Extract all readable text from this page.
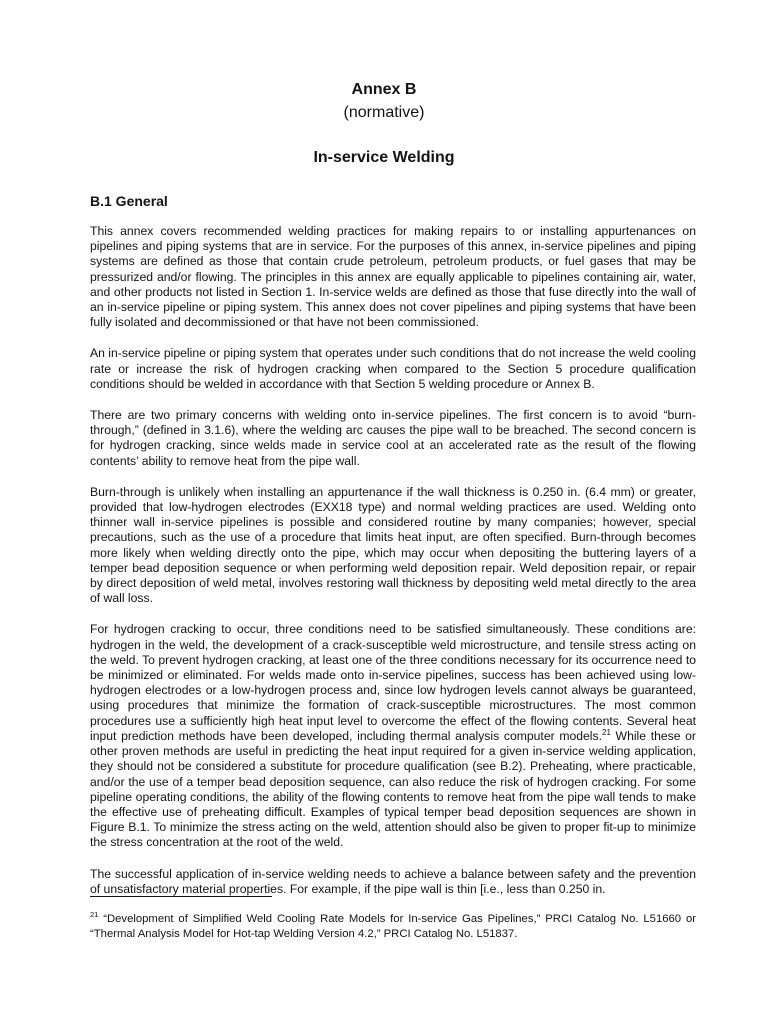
Annex B
(normative)
In-service Welding
B.1 General

This annex covers recommended welding practices for making repairs to or installing appurtenances on pipelines and piping systems that are in service. For the purposes of this annex, in-service pipelines and piping systems are defined as those that contain crude petroleum, petroleum products, or fuel gases that may be pressurized and/or flowing. The principles in this annex are equally applicable to pipelines containing air, water, and other products not listed in Section 1. In-service welds are defined as those that fuse directly into the wall of an in-service pipeline or piping system. This annex does not cover pipelines and piping systems that have been fully isolated and decommissioned or that have not been commissioned.

An in-service pipeline or piping system that operates under such conditions that do not increase the weld cooling rate or increase the risk of hydrogen cracking when compared to the Section 5 procedure qualification conditions should be welded in accordance with that Section 5 welding procedure or Annex B.

There are two primary concerns with welding onto in-service pipelines. The first concern is to avoid “burn-through,” (defined in 3.1.6), where the welding arc causes the pipe wall to be breached. The second concern is for hydrogen cracking, since welds made in service cool at an accelerated rate as the result of the flowing contents’ ability to remove heat from the pipe wall.

Burn-through is unlikely when installing an appurtenance if the wall thickness is 0.250 in. (6.4 mm) or greater, provided that low-hydrogen electrodes (EXX18 type) and normal welding practices are used. Welding onto thinner wall in-service pipelines is possible and considered routine by many companies; however, special precautions, such as the use of a procedure that limits heat input, are often specified. Burn-through becomes more likely when welding directly onto the pipe, which may occur when depositing the buttering layers of a temper bead deposition sequence or when performing weld deposition repair. Weld deposition repair, or repair by direct deposition of weld metal, involves restoring wall thickness by depositing weld metal directly to the area of wall loss.

For hydrogen cracking to occur, three conditions need to be satisfied simultaneously. These conditions are: hydrogen in the weld, the development of a crack-susceptible weld microstructure, and tensile stress acting on the weld. To prevent hydrogen cracking, at least one of the three conditions necessary for its occurrence need to be minimized or eliminated. For welds made onto in-service pipelines, success has been achieved using low-hydrogen electrodes or a low-hydrogen process and, since low hydrogen levels cannot always be guaranteed, using procedures that minimize the formation of crack-susceptible microstructures. The most common procedures use a sufficiently high heat input level to overcome the effect of the flowing contents. Several heat input prediction methods have been developed, including thermal analysis computer models.$^{21}$ While these or other proven methods are useful in predicting the heat input required for a given in-service welding application, they should not be considered a substitute for procedure qualification (see B.2). Preheating, where practicable, and/or the use of a temper bead deposition sequence, can also reduce the risk of hydrogen cracking. For some pipeline operating conditions, the ability of the flowing contents to remove heat from the pipe wall tends to make the effective use of preheating difficult. Examples of typical temper bead deposition sequences are shown in Figure B.1. To minimize the stress acting on the weld, attention should also be given to proper fit-up to minimize the stress concentration at the root of the weld.

The successful application of in-service welding needs to achieve a balance between safety and the prevention of unsatisfactory material properties. For example, if the pipe wall is thin [i.e., less than 0.250 in.

$^{21}$ “Development of Simplified Weld Cooling Rate Models for In-service Gas Pipelines,” PRCI Catalog No. L51660 or “Thermal Analysis Model for Hot-tap Welding Version 4.2,” PRCI Catalog No. L51837.
